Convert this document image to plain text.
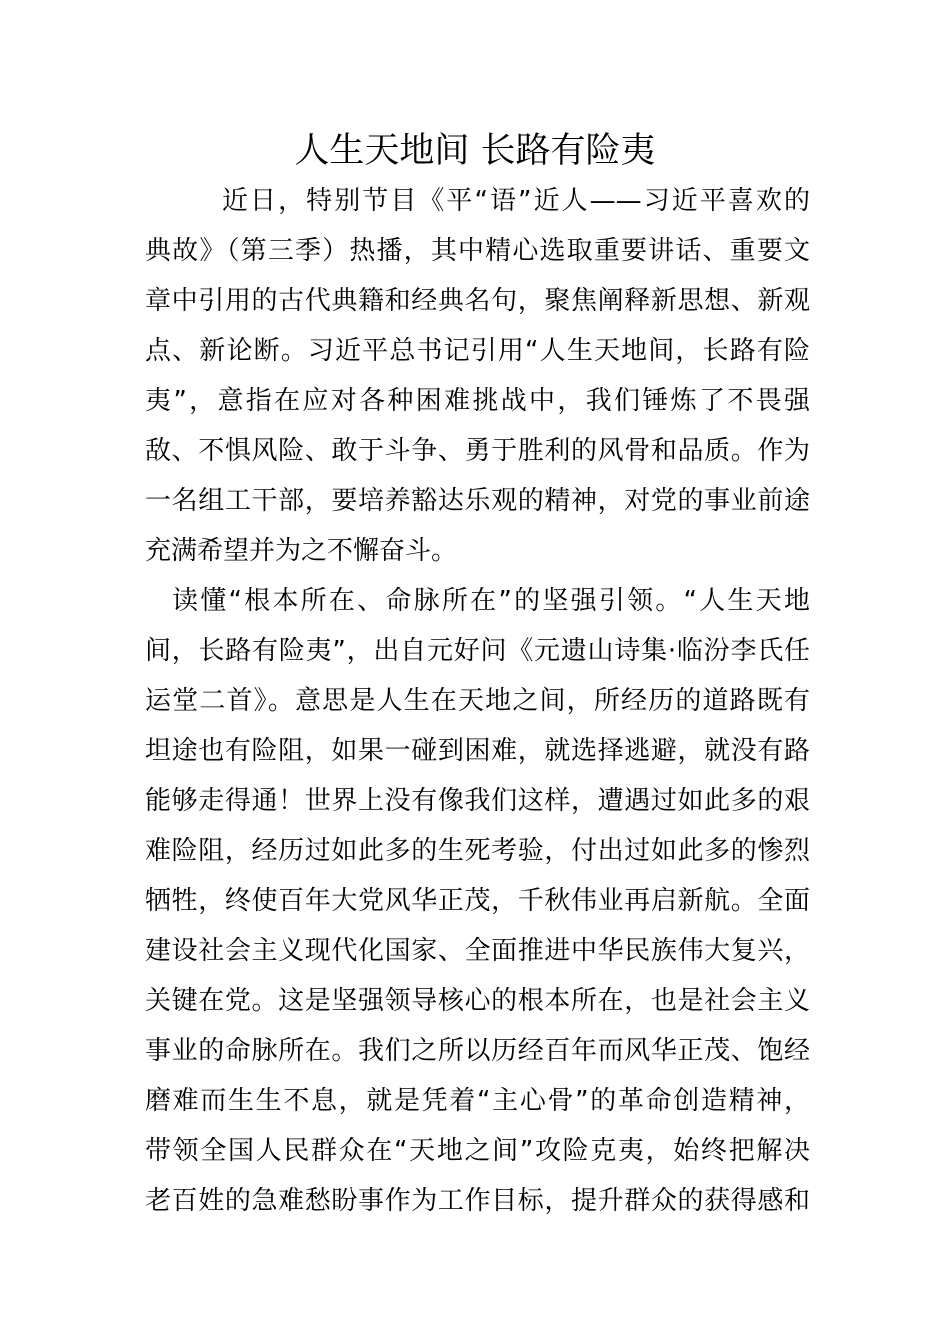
人生天地间 长路有险夷
近日，特别节目《平“语”近人——习近平喜欢的
典故》（第三季）热播，其中精心选取重要讲话、重要文
章中引用的古代典籍和经典名句，聚焦阐释新思想、新观
点、新论断。习近平总书记引用“人生天地间，长路有险
夷”，意指在应对各种困难挑战中，我们锤炼了不畏强
敌、不惧风险、敢于斗争、勇于胜利的风骨和品质。作为
一名组工干部，要培养豁达乐观的精神，对党的事业前途
充满希望并为之不懈奋斗。
读懂“根本所在、命脉所在”的坚强引领。“人生天地
间，长路有险夷”，出自元好问《元遗山诗集·临汾李氏任
运堂二首》。意思是人生在天地之间，所经历的道路既有
坦途也有险阻，如果一碰到困难，就选择逃避，就没有路
能够走得通！世界上没有像我们这样，遭遇过如此多的艰
难险阻，经历过如此多的生死考验，付出过如此多的惨烈
牺牲，终使百年大党风华正茂，千秋伟业再启新航。全面
建设社会主义现代化国家、全面推进中华民族伟大复兴，
关键在党。这是坚强领导核心的根本所在，也是社会主义
事业的命脉所在。我们之所以历经百年而风华正茂、饱经
磨难而生生不息，就是凭着“主心骨”的革命创造精神，
带领全国人民群众在“天地之间”攻险克夷，始终把解决
老百姓的急难愁盼事作为工作目标，提升群众的获得感和
